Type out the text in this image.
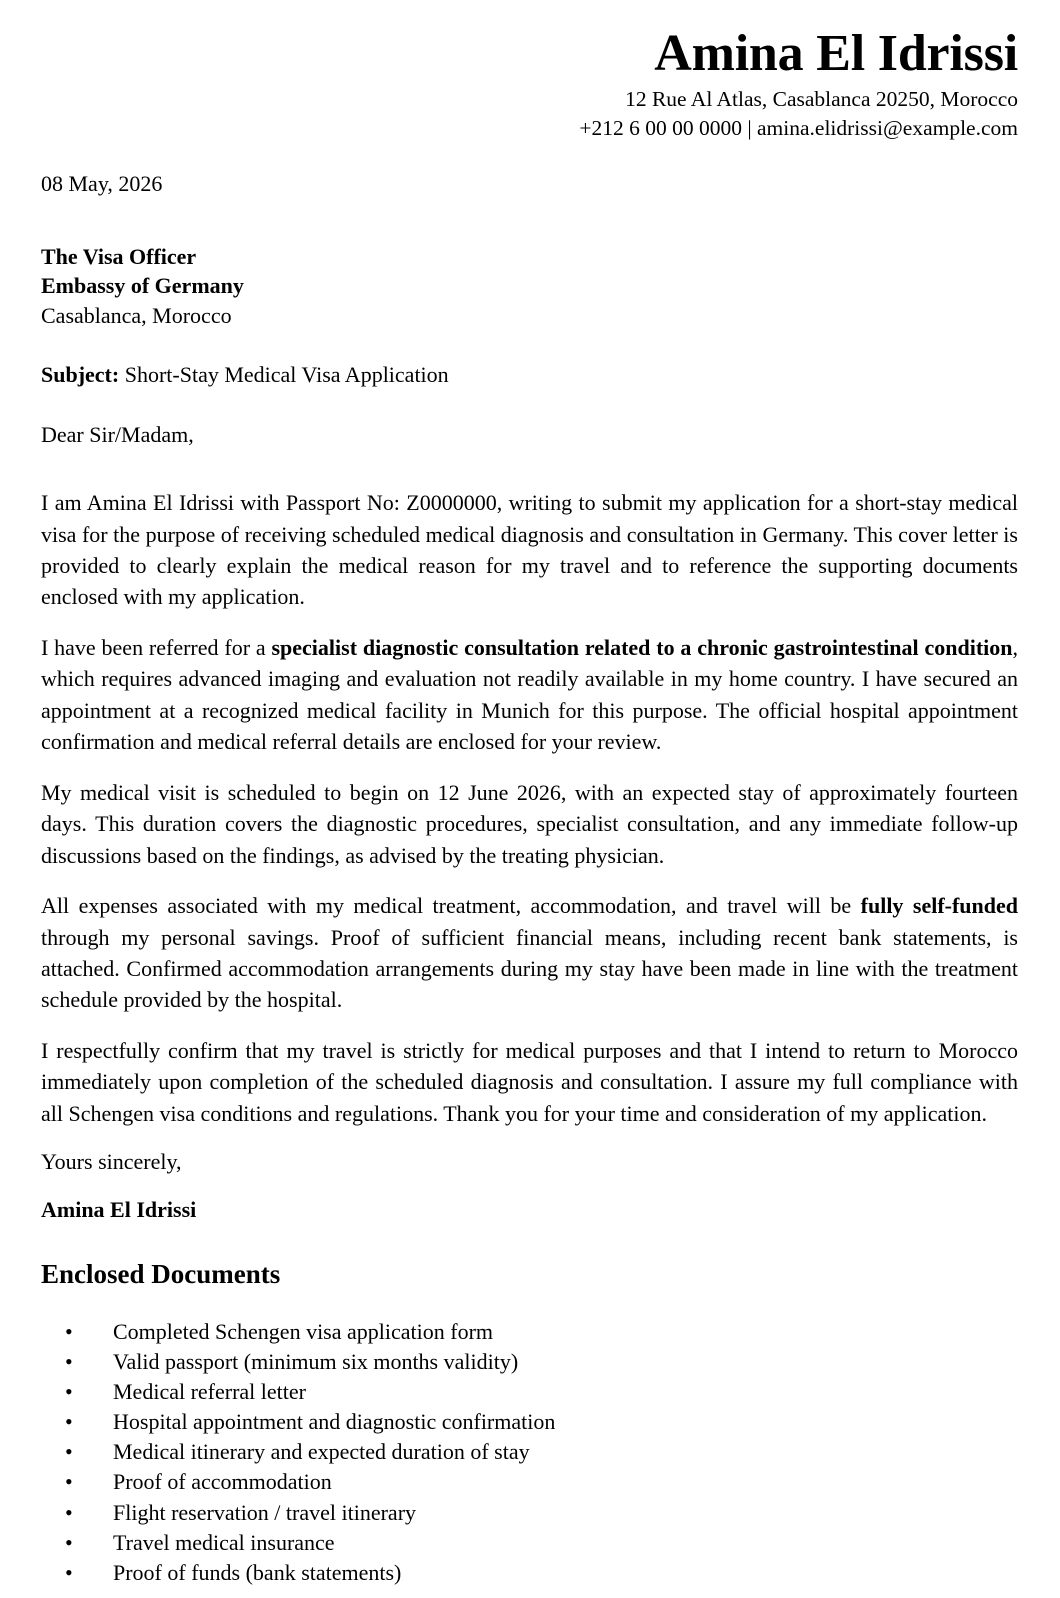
Amina El Idrissi

12 Rue Al Atlas, Casablanca 20250, Morocco

+212 6 00 00 0000 | amina.elidrissi@example.com

08 May, 2026

The Visa Officer
Embassy of Germany
Casablanca, Morocco

Subject: Short-Stay Medical Visa Application

Dear Sir/Madam,

I am Amina El Idrissi with Passport No: Z0000000, writing to submit my application for a short-stay medical visa for the purpose of receiving scheduled medical diagnosis and consultation in Germany. This cover letter is provided to clearly explain the medical reason for my travel and to reference the supporting documents enclosed with my application.

I have been referred for a specialist diagnostic consultation related to a chronic gastrointestinal condition, which requires advanced imaging and evaluation not readily available in my home country. I have secured an appointment at a recognized medical facility in Munich for this purpose. The official hospital appointment confirmation and medical referral details are enclosed for your review.

My medical visit is scheduled to begin on 12 June 2026, with an expected stay of approximately fourteen days. This duration covers the diagnostic procedures, specialist consultation, and any immediate follow-up discussions based on the findings, as advised by the treating physician.

All expenses associated with my medical treatment, accommodation, and travel will be fully self-funded through my personal savings. Proof of sufficient financial means, including recent bank statements, is attached. Confirmed accommodation arrangements during my stay have been made in line with the treatment schedule provided by the hospital.

I respectfully confirm that my travel is strictly for medical purposes and that I intend to return to Morocco immediately upon completion of the scheduled diagnosis and consultation. I assure my full compliance with all Schengen visa conditions and regulations. Thank you for your time and consideration of my application.

Yours sincerely,

Amina El Idrissi

Enclosed Documents
• Completed Schengen visa application form
• Valid passport (minimum six months validity)
• Medical referral letter
• Hospital appointment and diagnostic confirmation
• Medical itinerary and expected duration of stay
• Proof of accommodation
• Flight reservation / travel itinerary
• Travel medical insurance
• Proof of funds (bank statements)
